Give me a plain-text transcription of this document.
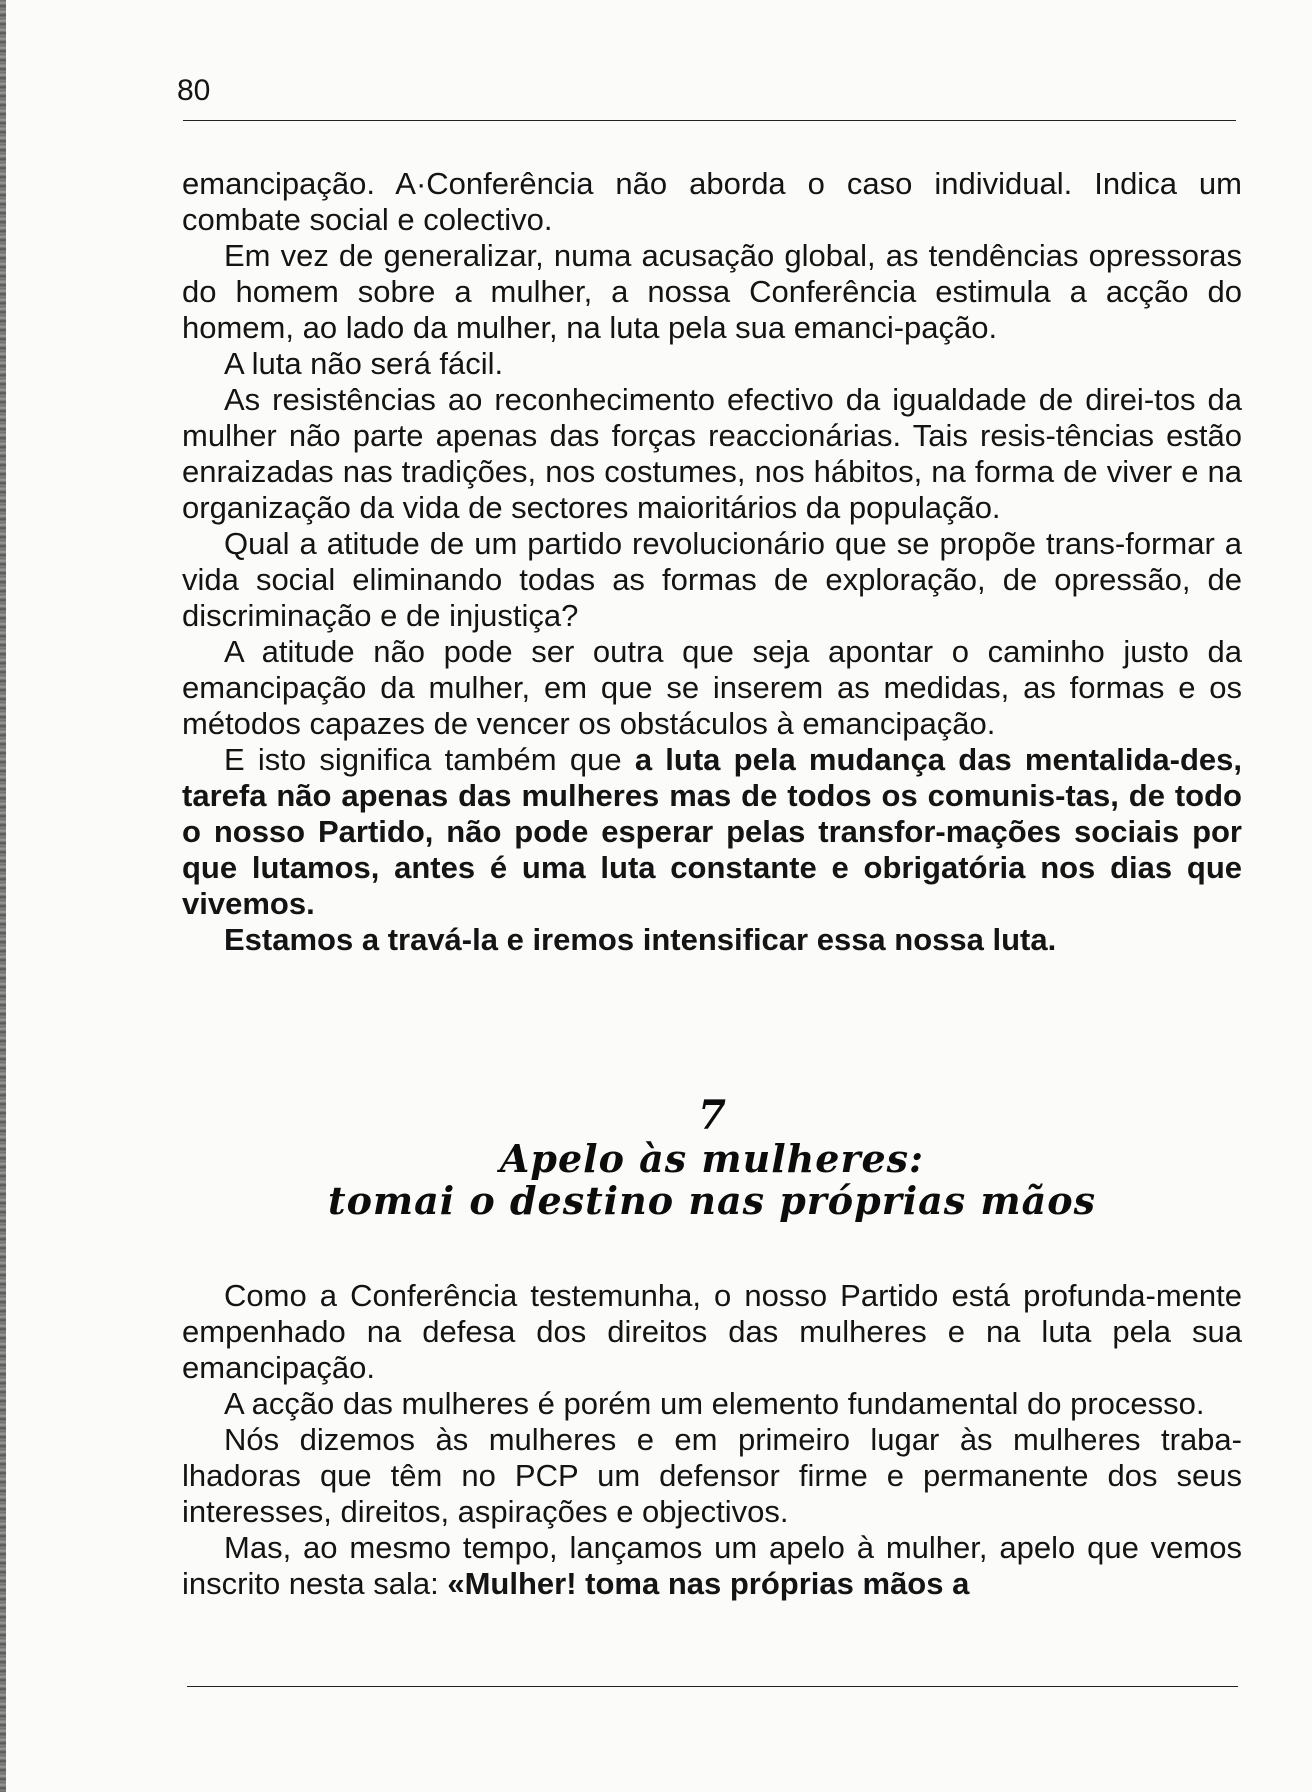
80

emancipação. A·Conferência não aborda o caso individual. Indica um combate social e colectivo.

Em vez de generalizar, numa acusação global, as tendências opressoras do homem sobre a mulher, a nossa Conferência estimula a acção do homem, ao lado da mulher, na luta pela sua emanci-pação.

A luta não será fácil.

As resistências ao reconhecimento efectivo da igualdade de direi-tos da mulher não parte apenas das forças reaccionárias. Tais resis-tências estão enraizadas nas tradições, nos costumes, nos hábitos, na forma de viver e na organização da vida de sectores maioritários da população.

Qual a atitude de um partido revolucionário que se propõe trans-formar a vida social eliminando todas as formas de exploração, de opressão, de discriminação e de injustiça?

A atitude não pode ser outra que seja apontar o caminho justo da emancipação da mulher, em que se inserem as medidas, as formas e os métodos capazes de vencer os obstáculos à emancipação.

E isto significa também que a luta pela mudança das mentalida-des, tarefa não apenas das mulheres mas de todos os comunis-tas, de todo o nosso Partido, não pode esperar pelas transfor-mações sociais por que lutamos, antes é uma luta constante e obrigatória nos dias que vivemos.

Estamos a travá-la e iremos intensificar essa nossa luta.

7
Apelo às mulheres:
tomai o destino nas próprias mãos

Como a Conferência testemunha, o nosso Partido está profunda-mente empenhado na defesa dos direitos das mulheres e na luta pela sua emancipação.

A acção das mulheres é porém um elemento fundamental do processo.

Nós dizemos às mulheres e em primeiro lugar às mulheres traba-lhadoras que têm no PCP um defensor firme e permanente dos seus interesses, direitos, aspirações e objectivos.

Mas, ao mesmo tempo, lançamos um apelo à mulher, apelo que vemos inscrito nesta sala: «Mulher! toma nas próprias mãos a
